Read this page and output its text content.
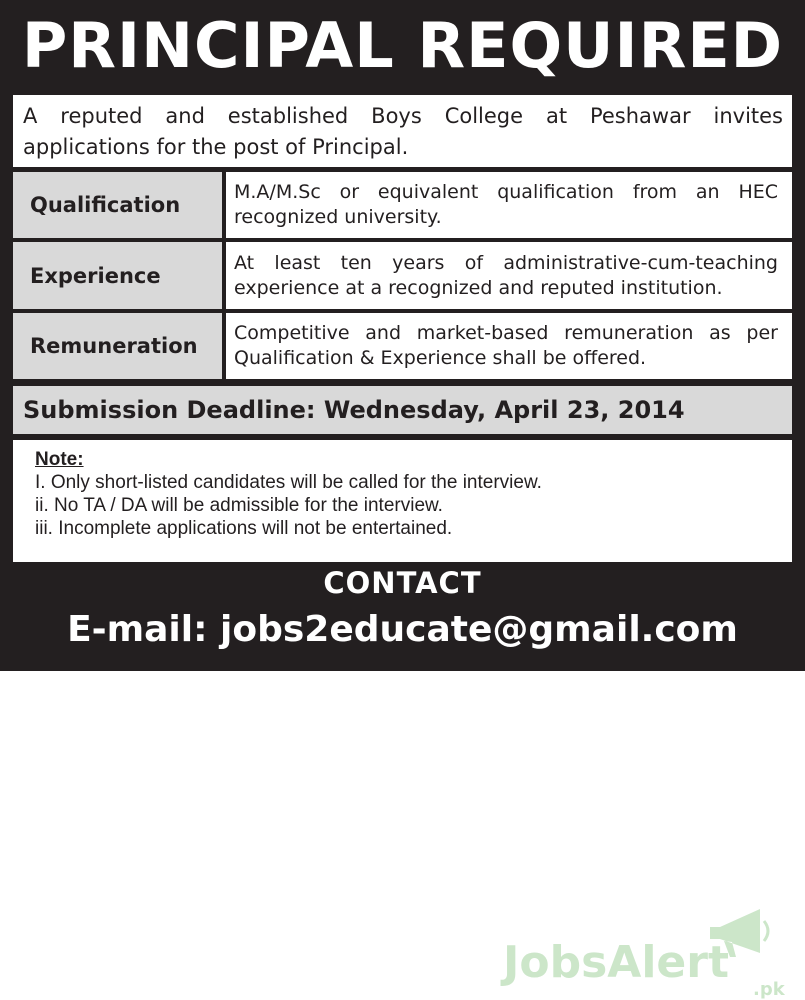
PRINCIPAL REQUIRED
A reputed and established Boys College at Peshawar invites applications for the post of Principal.
Qualification		M.A/M.Sc or equivalent qualification from an HEC recognized university.
Experience		At least ten years of administrative-cum-teaching experience at a recognized and reputed institution.
Remuneration		Competitive and market-based remuneration as per Qualification & Experience shall be offered.
Submission Deadline: Wednesday, April 23, 2014
JobsAlert
.pk
Note:
I. Only short-listed candidates will be called for the interview.
ii. No TA / DA will be admissible for the interview.
iii. Incomplete applications will not be entertained.
CONTACT
E-mail: jobs2educate@gmail.com
